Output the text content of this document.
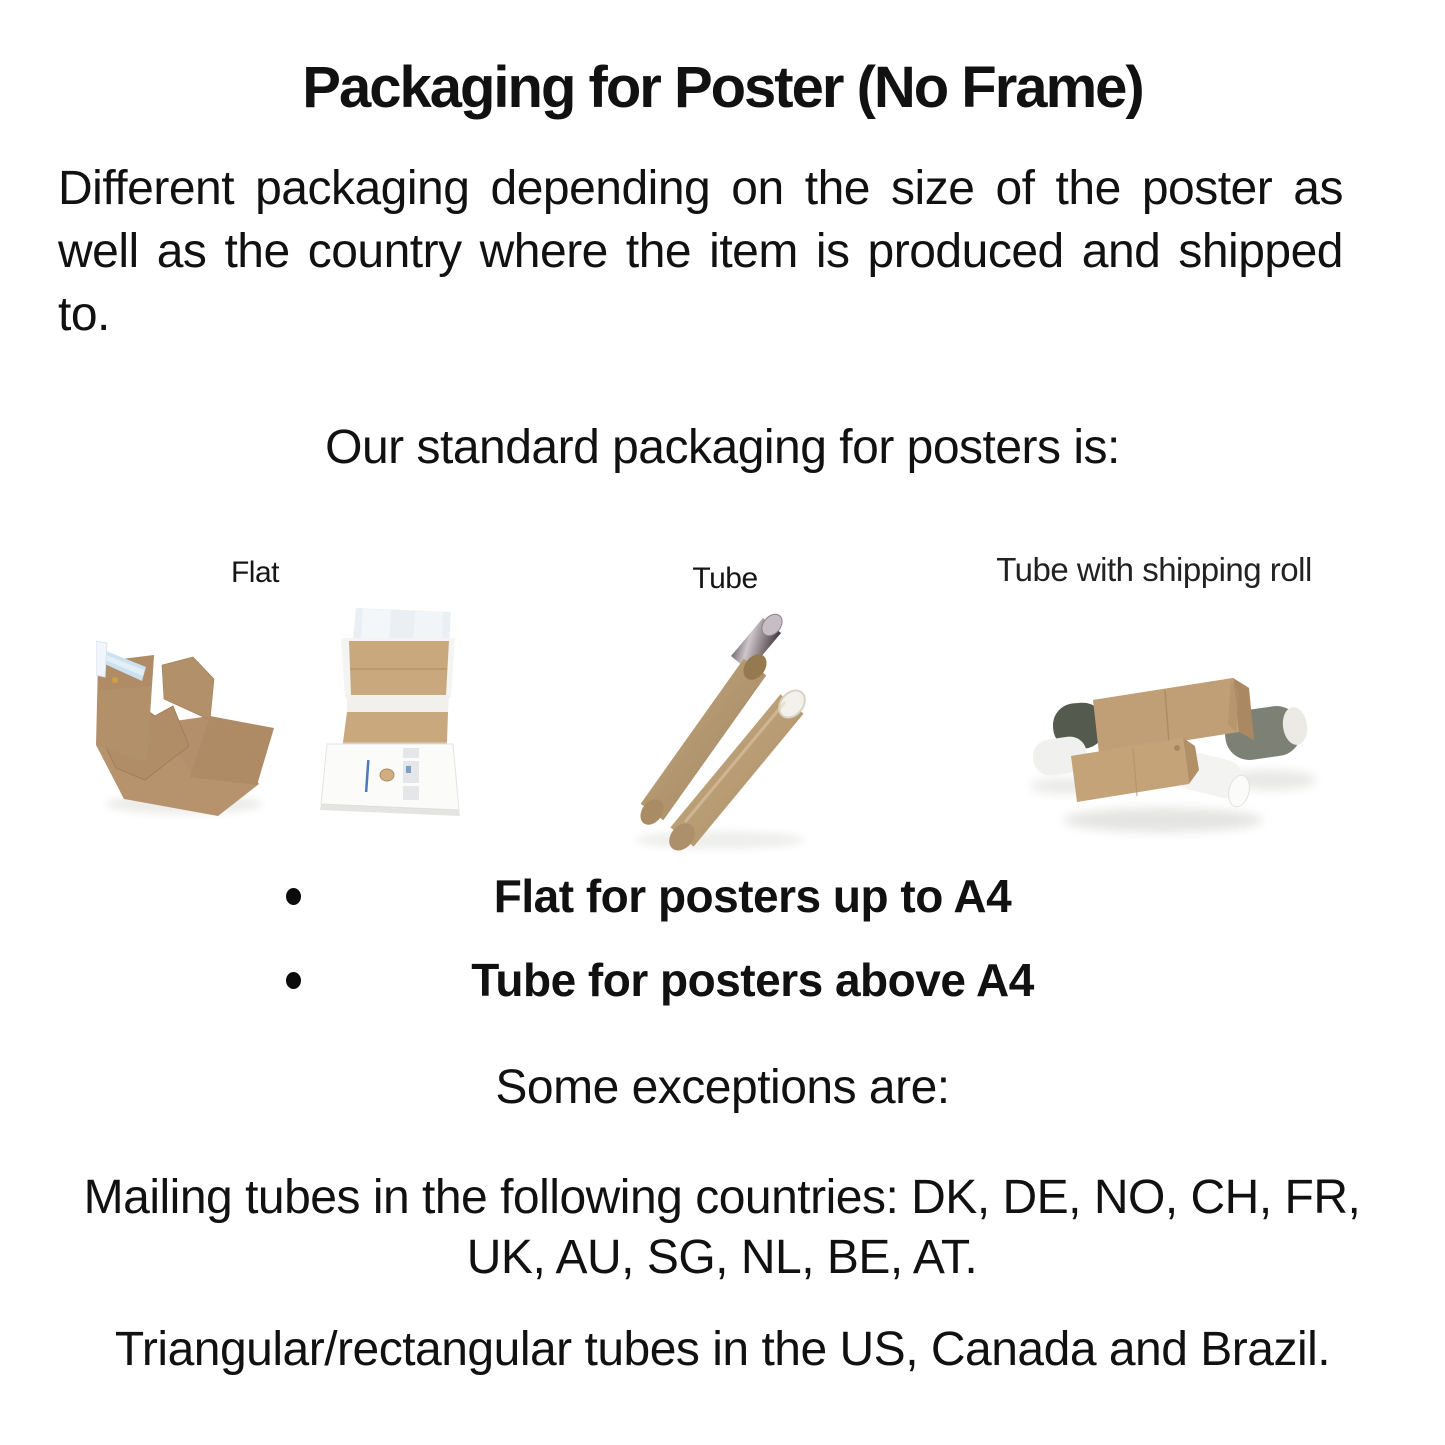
Packaging for Poster (No Frame)

Different packaging depending on the size of the poster as well as the country where the item is produced and shipped to.

Our standard packaging for posters is:

Flat	Tube	Tube with shipping roll

Flat for posters up to A4
Tube for posters above A4

Some exceptions are:

Mailing tubes in the following countries: DK, DE, NO, CH, FR, UK, AU, SG, NL, BE, AT.

Triangular/rectangular tubes in the US, Canada and Brazil.
